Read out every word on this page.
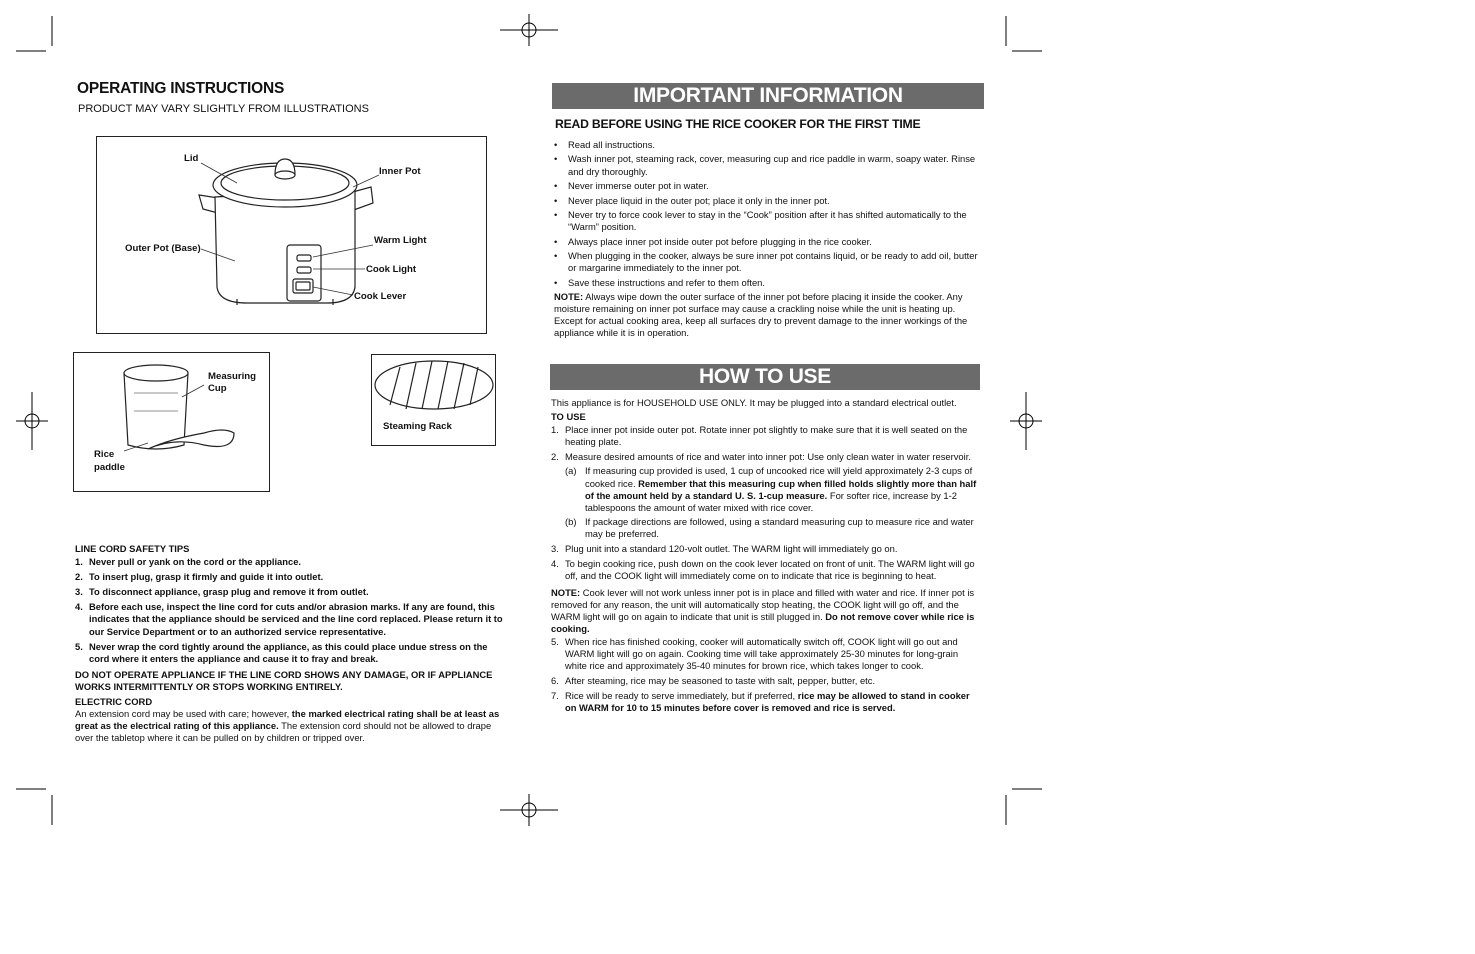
OPERATING INSTRUCTIONS
PRODUCT MAY VARY SLIGHTLY FROM ILLUSTRATIONS
Lid
Inner Pot
Outer Pot (Base)
Warm Light
Cook Light
Cook Lever
Measuring
Cup
Rice
paddle
Steaming Rack
LINE CORD SAFETY TIPS
1. Never pull or yank on the cord or the appliance.
2. To insert plug, grasp it firmly and guide it into outlet.
3. To disconnect appliance, grasp plug and remove it from outlet.
4. Before each use, inspect the line cord for cuts and/or abrasion marks. If any are found, this indicates that the appliance should be serviced and the line cord replaced. Please return it to our Service Department or to an authorized service representative.
5. Never wrap the cord tightly around the appliance, as this could place undue stress on the cord where it enters the appliance and cause it to fray and break.
DO NOT OPERATE APPLIANCE IF THE LINE CORD SHOWS ANY DAMAGE, OR IF APPLIANCE WORKS INTERMITTENTLY OR STOPS WORKING ENTIRELY.
ELECTRIC CORD
An extension cord may be used with care; however, the marked electrical rating shall be at least as great as the electrical rating of this appliance. The extension cord should not be allowed to drape over the tabletop where it can be pulled on by children or tripped over.
IMPORTANT INFORMATION
READ BEFORE USING THE RICE COOKER FOR THE FIRST TIME
• Read all instructions.
• Wash inner pot, steaming rack, cover, measuring cup and rice paddle in warm, soapy water. Rinse and dry thoroughly.
• Never immerse outer pot in water.
• Never place liquid in the outer pot; place it only in the inner pot.
• Never try to force cook lever to stay in the “Cook” position after it has shifted automatically to the “Warm” position.
• Always place inner pot inside outer pot before plugging in the rice cooker.
• When plugging in the cooker, always be sure inner pot contains liquid, or be ready to add oil, butter or margarine immediately to the inner pot.
• Save these instructions and refer to them often.

NOTE: Always wipe down the outer surface of the inner pot before placing it inside the cooker. Any moisture remaining on inner pot surface may cause a crackling noise while the unit is heating up. Except for actual cooking area, keep all surfaces dry to prevent damage to the inner workings of the appliance while it is in operation.

HOW TO USE

This appliance is for HOUSEHOLD USE ONLY. It may be plugged into a standard electrical outlet.

TO USE

1. Place inner pot inside outer pot. Rotate inner pot slightly to make sure that it is well seated on the heating plate.
2. Measure desired amounts of rice and water into inner pot: Use only clean water in water reservoir.
(a) If measuring cup provided is used, 1 cup of uncooked rice will yield approximately 2-3 cups of cooked rice. Remember that this measuring cup when filled holds slightly more than half of the amount held by a standard U. S. 1-cup measure. For softer rice, increase by 1-2 tablespoons the amount of water mixed with rice cover.
(b) If package directions are followed, using a standard measuring cup to measure rice and water may be preferred.
3. Plug unit into a standard 120-volt outlet. The WARM light will immediately go on.
4. To begin cooking rice, push down on the cook lever located on front of unit. The WARM light will go off, and the COOK light will immediately come on to indicate that rice is beginning to heat.

NOTE: Cook lever will not work unless inner pot is in place and filled with water and rice. If inner pot is removed for any reason, the unit will automatically stop heating, the COOK light will go off, and the WARM light will go on again to indicate that unit is still plugged in. Do not remove cover while rice is cooking.

5. When rice has finished cooking, cooker will automatically switch off, COOK light will go out and WARM light will go on again. Cooking time will take approximately 25-30 minutes for long-grain white rice and approximately 35-40 minutes for brown rice, which takes longer to cook.
6. After steaming, rice may be seasoned to taste with salt, pepper, butter, etc.
7. Rice will be ready to serve immediately, but if preferred, rice may be allowed to stand in cooker on WARM for 10 to 15 minutes before cover is removed and rice is served.
